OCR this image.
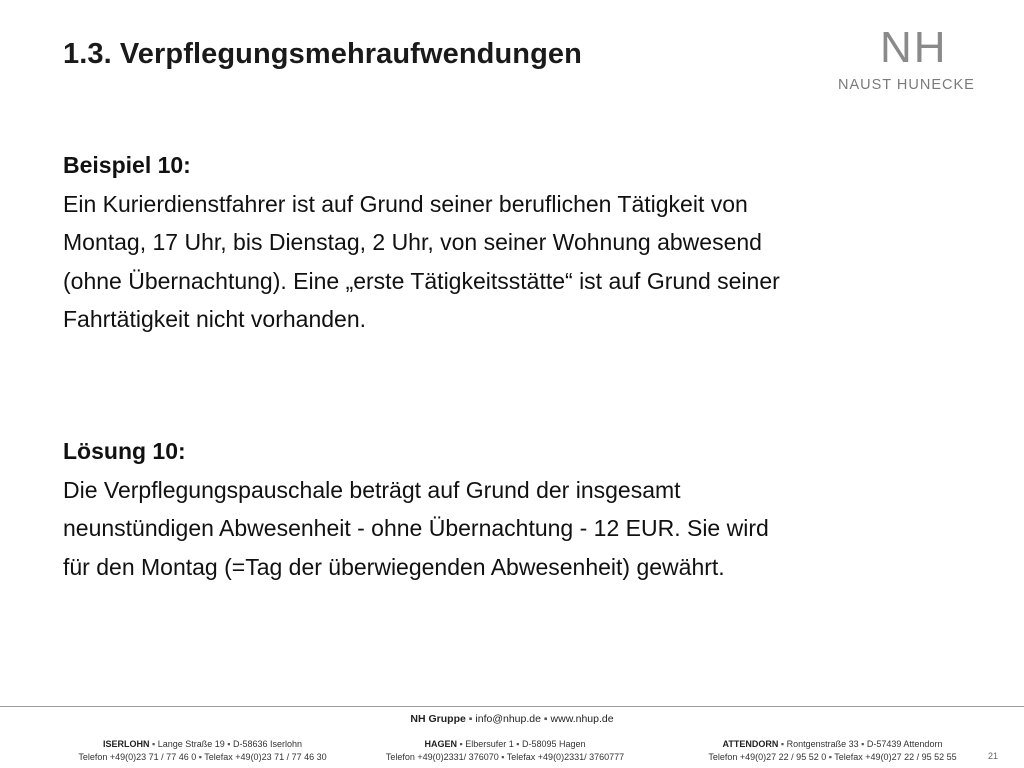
1.3. Verpflegungsmehraufwendungen	NH
NAUST HUNECKE
Beispiel 10:
Ein Kurierdienstfahrer ist auf Grund seiner beruflichen Tätigkeit von
Montag, 17 Uhr, bis Dienstag, 2 Uhr, von seiner Wohnung abwesend
(ohne Übernachtung). Eine „erste Tätigkeitsstätte“ ist auf Grund seiner
Fahrtätigkeit nicht vorhanden.
Lösung 10:
Die Verpflegungspauschale beträgt auf Grund der insgesamt
neunstündigen Abwesenheit - ohne Übernachtung - 12 EUR. Sie wird
für den Montag (=Tag der überwiegenden Abwesenheit) gewährt.
NH Gruppe ▪ info@nhup.de ▪ www.nhup.de
ISERLOHN ▪ Lange Straße 19 ▪ D-58636 Iserlohn
Telefon +49(0)23 71 / 77 46 0 ▪ Telefax +49(0)23 71 / 77 46 30
HAGEN ▪ Elbersufer 1 ▪ D-58095 Hagen
Telefon +49(0)2331/ 376070 ▪ Telefax +49(0)2331/ 3760777
ATTENDORN ▪ Rontgenstraße 33 ▪ D-57439 Attendorn
Telefon +49(0)27 22 / 95 52 0 ▪ Telefax +49(0)27 22 / 95 52 55	21
